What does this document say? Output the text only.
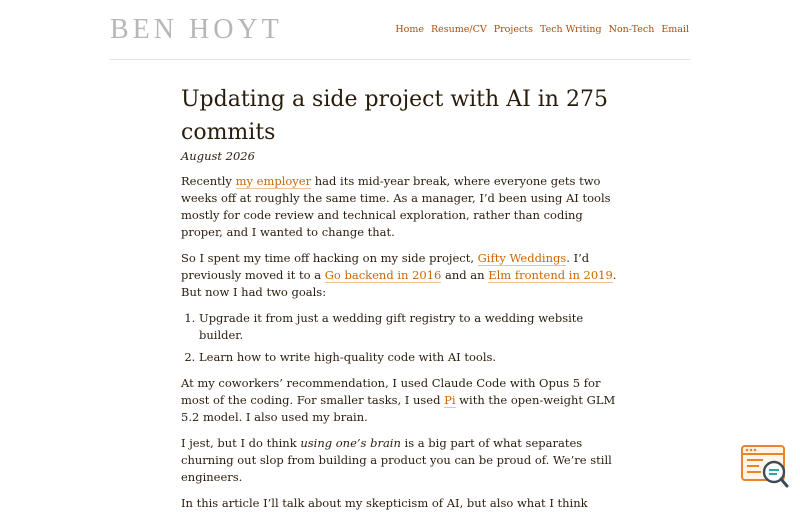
BEN HOYT	Home Resume/CV Projects Tech Writing Non-Tech Email
Updating a side project with AI in 275 commits
August 2026

Recently my employer had its mid-year break, where everyone gets two weeks off at roughly the same time. As a manager, I’d been using AI tools mostly for code review and technical exploration, rather than coding proper, and I wanted to change that.

So I spent my time off hacking on my side project, Gifty Weddings. I’d previously moved it to a Go backend in 2016 and an Elm frontend in 2019. But now I had two goals:

1. Upgrade it from just a wedding gift registry to a wedding website builder.
2. Learn how to write high-quality code with AI tools.

At my coworkers’ recommendation, I used Claude Code with Opus 5 for most of the coding. For smaller tasks, I used Pi with the open-weight GLM 5.2 model. I also used my brain.

I jest, but I do think using one’s brain is a big part of what separates churning out slop from building a product you can be proud of. We’re still engineers.

In this article I’ll talk about my skepticism of AI, but also what I think
